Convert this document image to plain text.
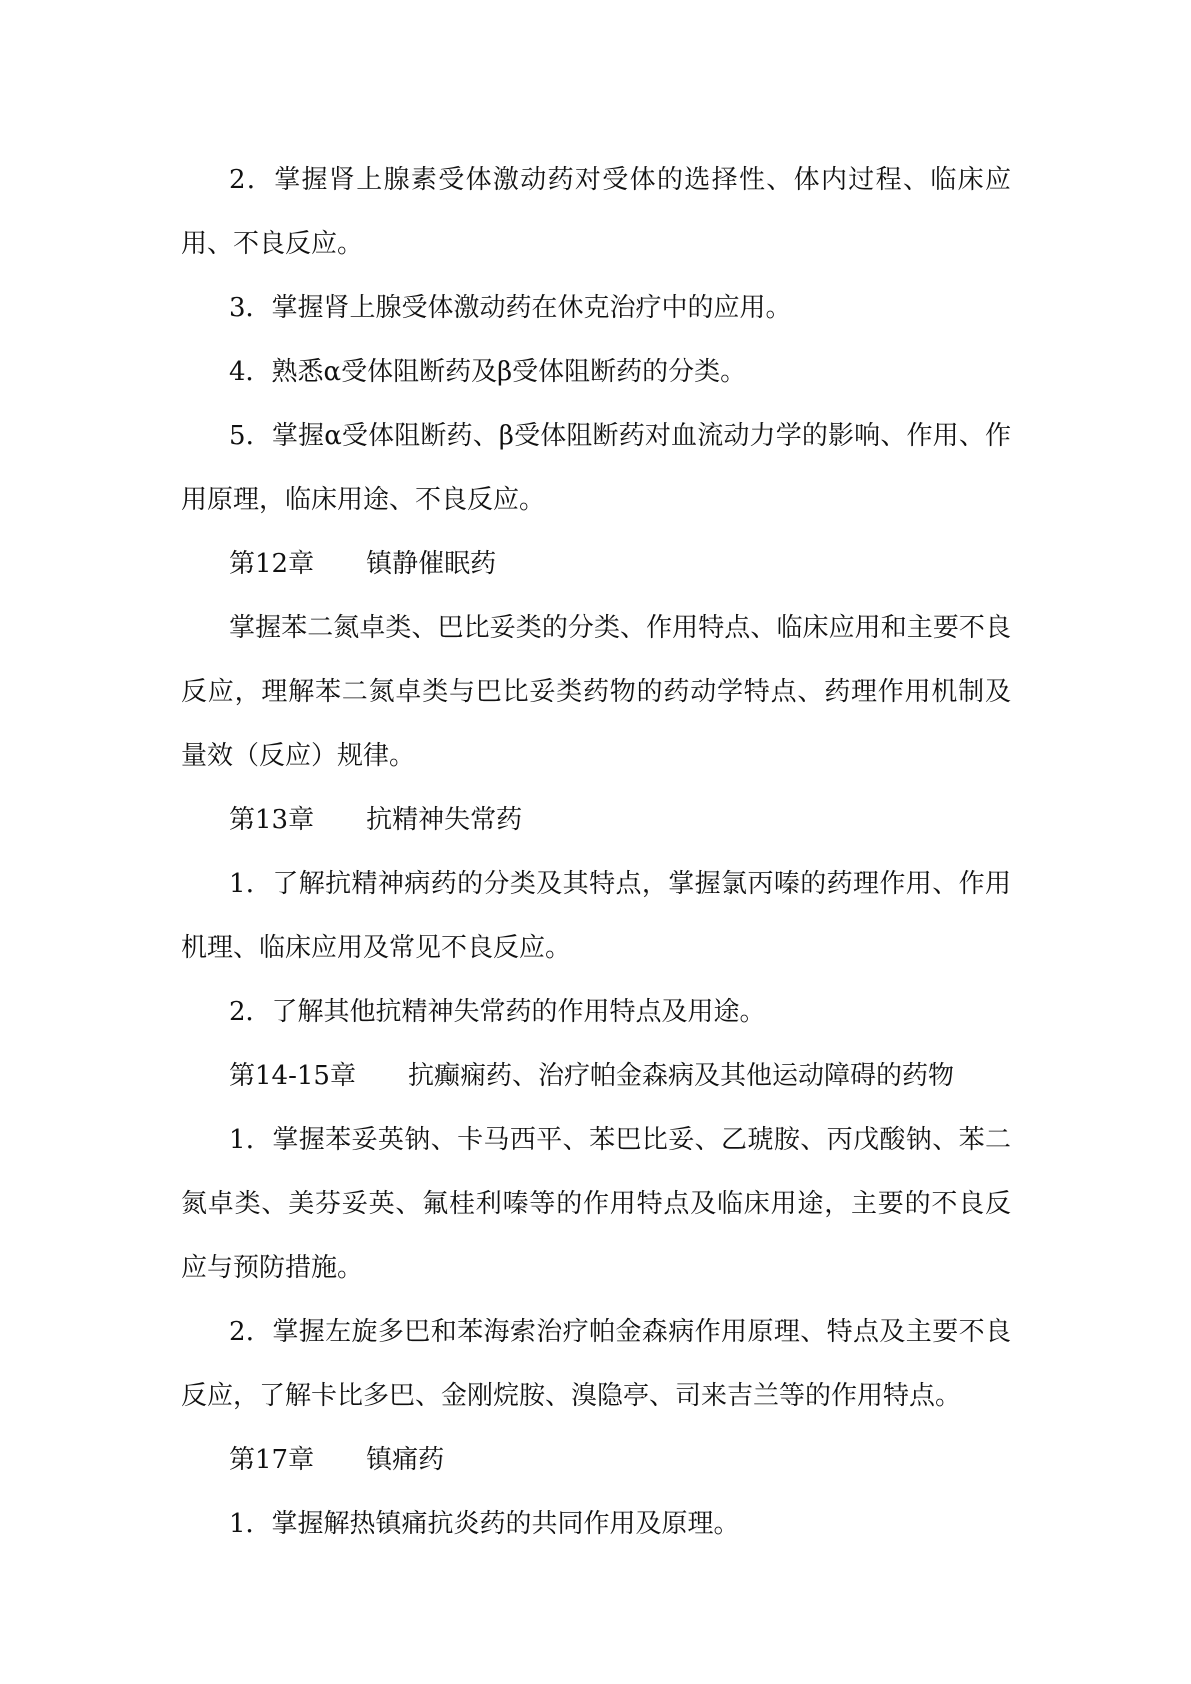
2．掌握肾上腺素受体激动药对受体的选择性、体内过程、临床应用、不良反应。

3．掌握肾上腺受体激动药在休克治疗中的应用。

4．熟悉α受体阻断药及β受体阻断药的分类。

5．掌握α受体阻断药、β受体阻断药对血流动力学的影响、作用、作用原理，临床用途、不良反应。

第12章　　镇静催眠药

掌握苯二氮卓类、巴比妥类的分类、作用特点、临床应用和主要不良反应，理解苯二氮卓类与巴比妥类药物的药动学特点、药理作用机制及量效（反应）规律。

第13章　　抗精神失常药

1．了解抗精神病药的分类及其特点，掌握氯丙嗪的药理作用、作用机理、临床应用及常见不良反应。

2．了解其他抗精神失常药的作用特点及用途。

第14-15章　　抗癫痫药、治疗帕金森病及其他运动障碍的药物

1．掌握苯妥英钠、卡马西平、苯巴比妥、乙琥胺、丙戊酸钠、苯二氮卓类、美芬妥英、氟桂利嗪等的作用特点及临床用途，主要的不良反应与预防措施。

2．掌握左旋多巴和苯海索治疗帕金森病作用原理、特点及主要不良反应，了解卡比多巴、金刚烷胺、溴隐亭、司来吉兰等的作用特点。

第17章　　镇痛药

1．掌握解热镇痛抗炎药的共同作用及原理。
